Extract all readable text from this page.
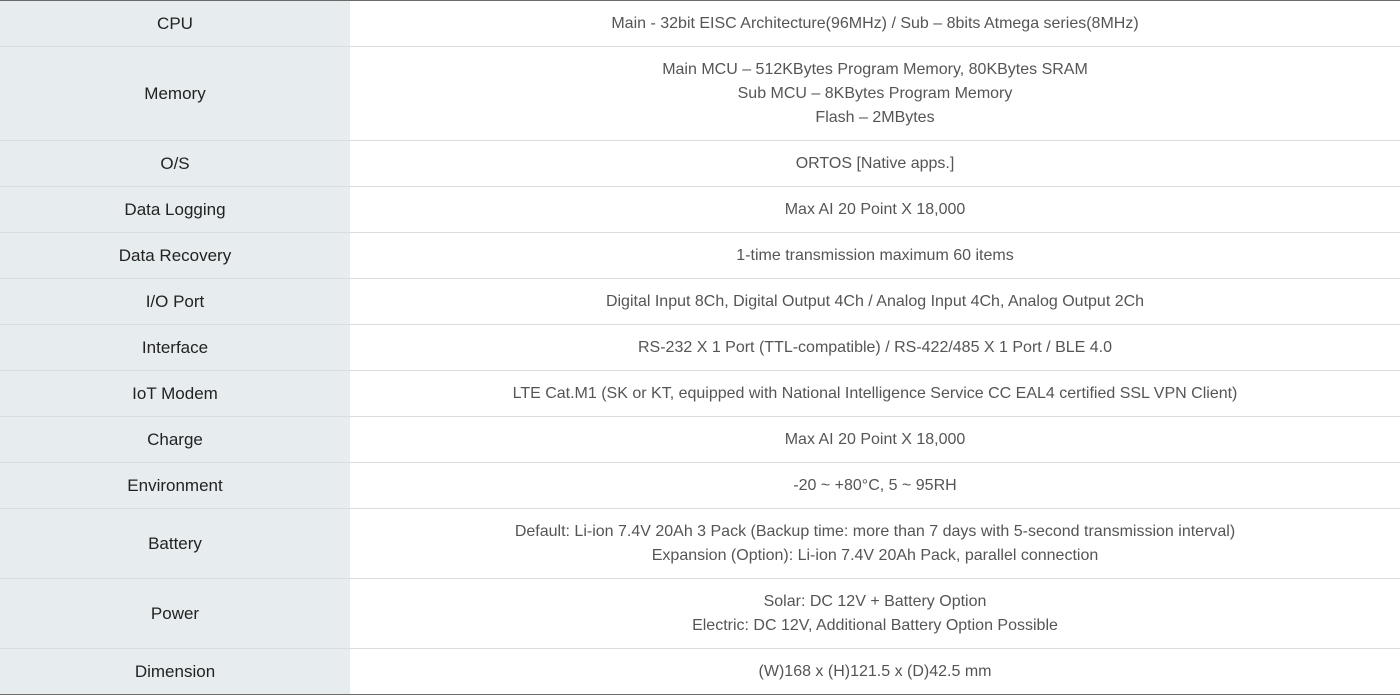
CPU	Main - 32bit EISC Architecture(96MHz) / Sub – 8bits Atmega series(8MHz)

Memory	Main MCU – 512KBytes Program Memory, 80KBytes SRAM
Sub MCU – 8KBytes Program Memory
Flash – 2MBytes

O/S	ORTOS [Native apps.]

Data Logging	Max AI 20 Point X 18,000

Data Recovery	1-time transmission maximum 60 items

I/O Port	Digital Input 8Ch, Digital Output 4Ch / Analog Input 4Ch, Analog Output 2Ch

Interface	RS-232 X 1 Port (TTL-compatible) / RS-422/485 X 1 Port / BLE 4.0

IoT Modem	LTE Cat.M1 (SK or KT, equipped with National Intelligence Service CC EAL4 certified SSL VPN Client)

Charge	Max AI 20 Point X 18,000

Environment	-20 ~ +80°C, 5 ~ 95RH

Battery	Default: Li-ion 7.4V 20Ah 3 Pack (Backup time: more than 7 days with 5-second transmission interval)
Expansion (Option): Li-ion 7.4V 20Ah Pack, parallel connection

Power	Solar: DC 12V + Battery Option
Electric: DC 12V, Additional Battery Option Possible

Dimension	(W)168 x (H)121.5 x (D)42.5 mm
